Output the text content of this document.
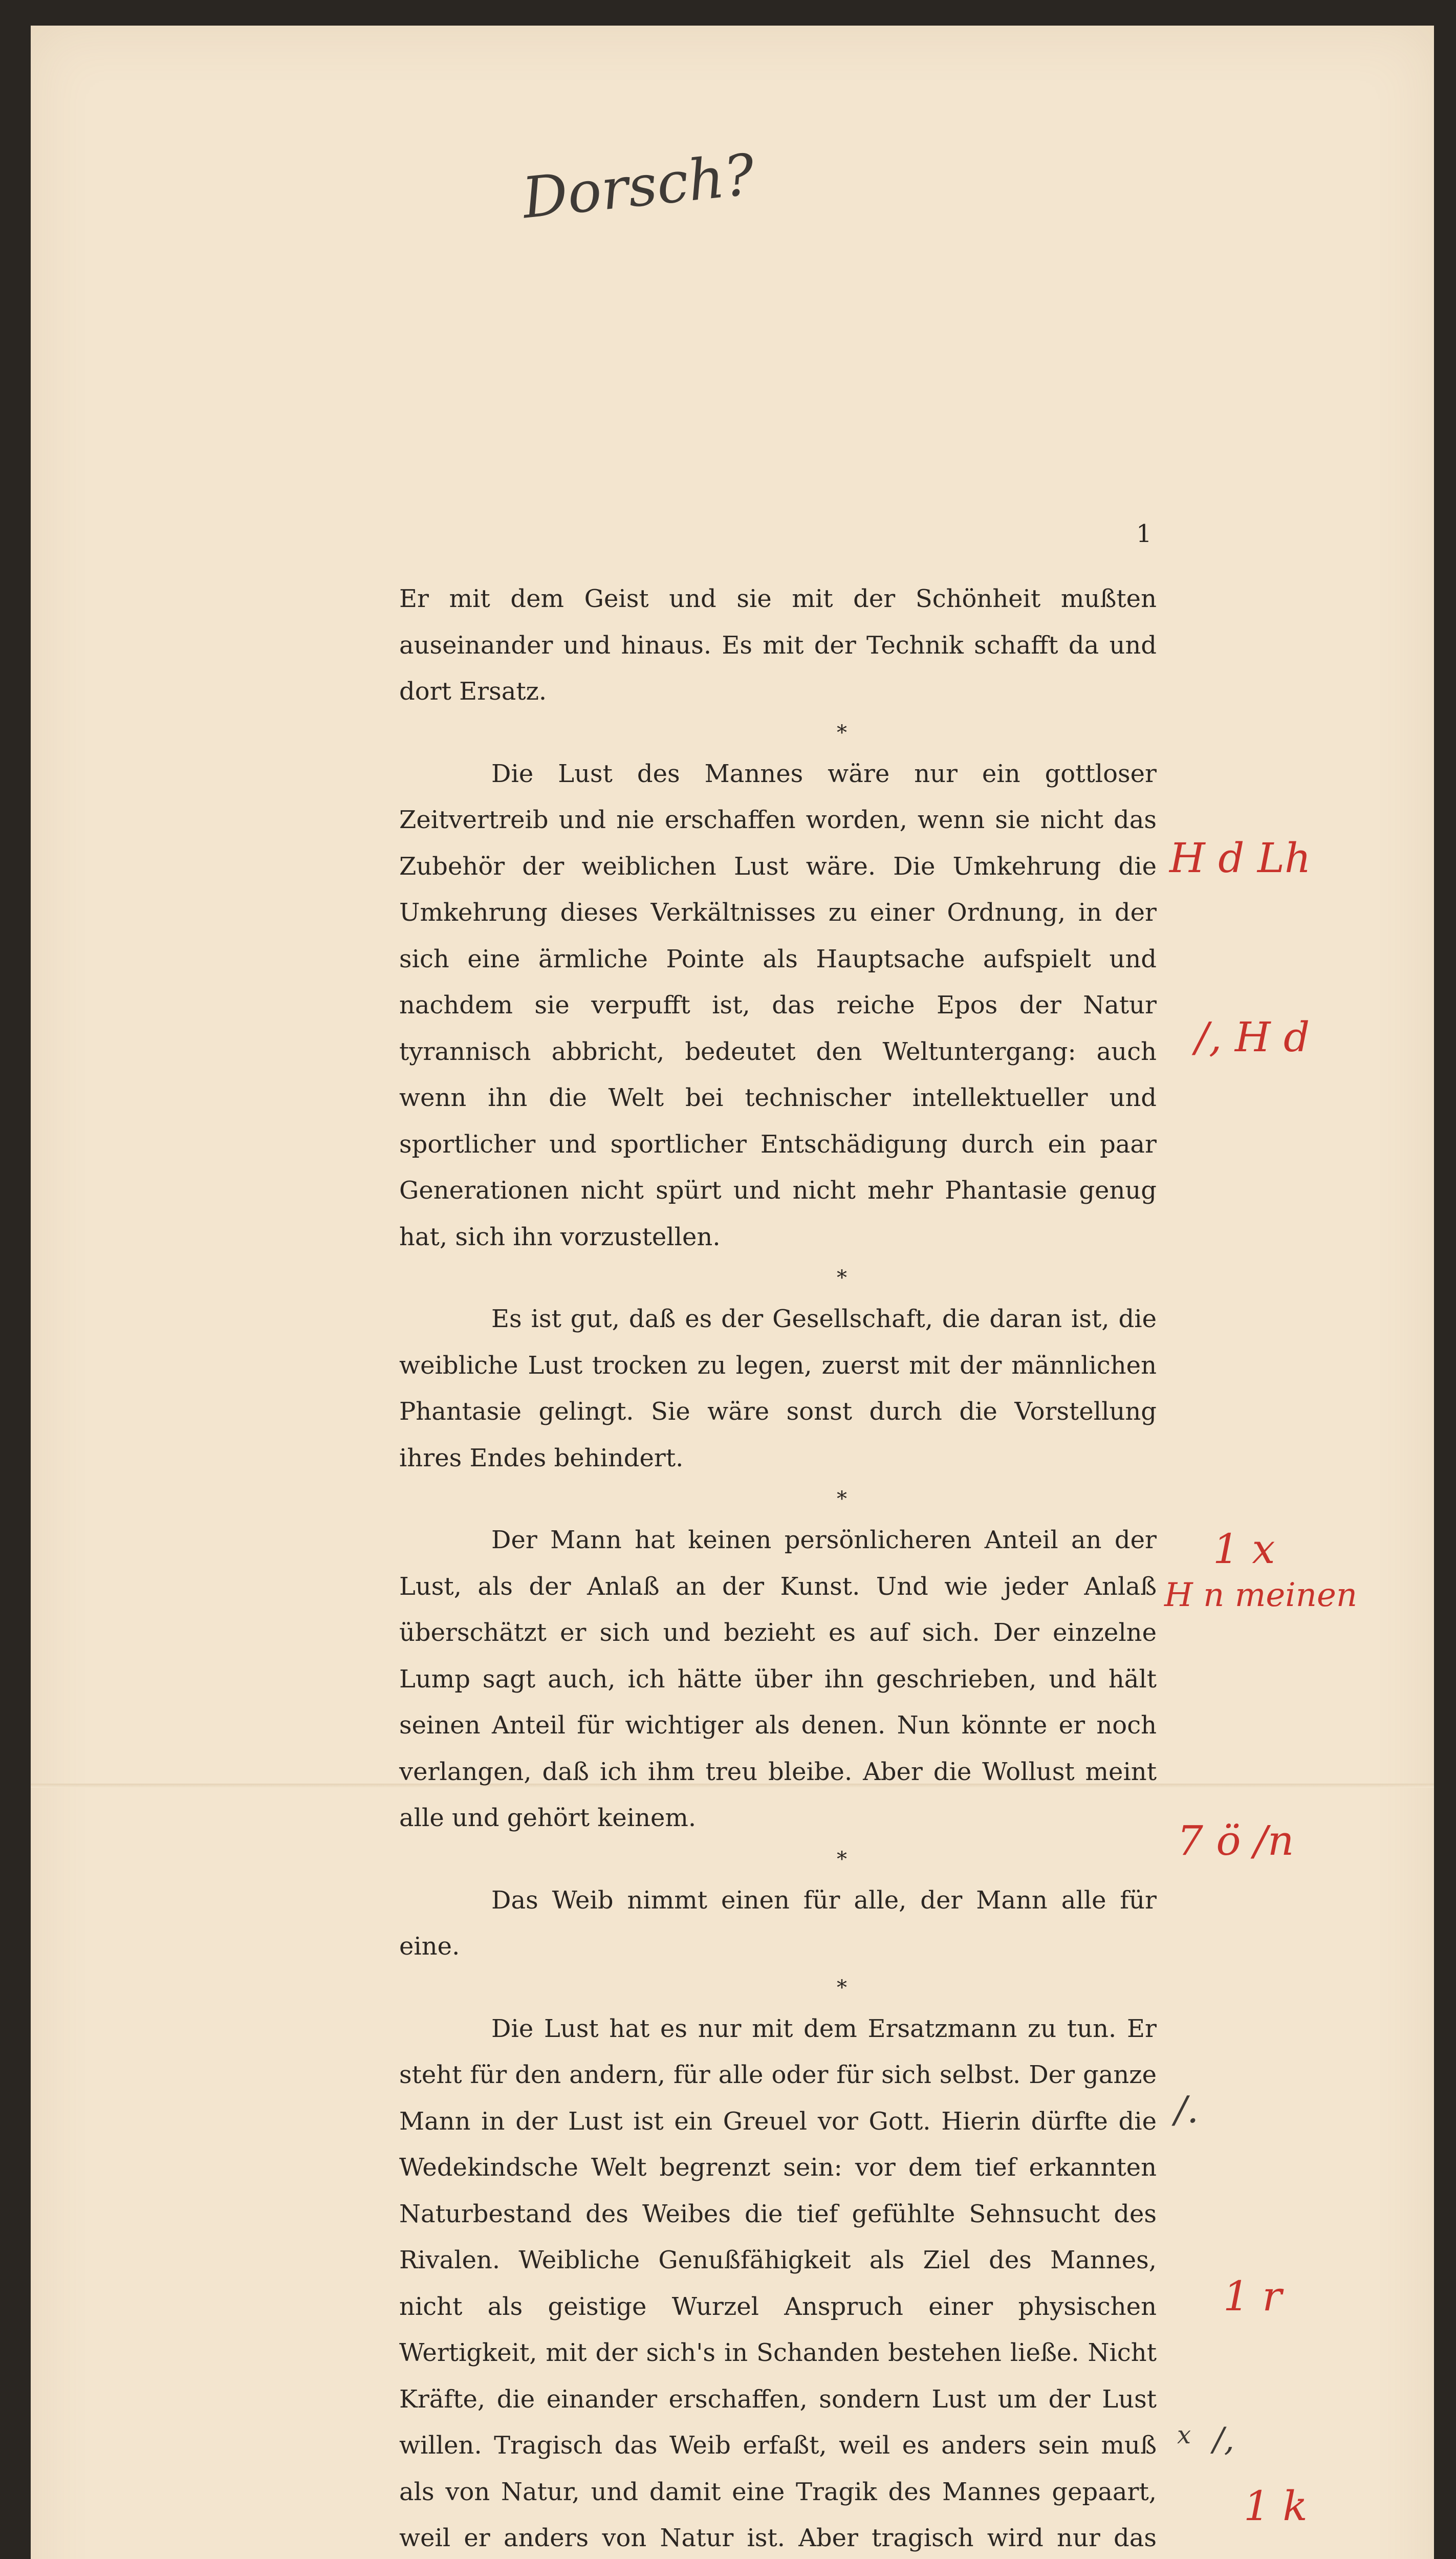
Dorsch?
1

Er mit dem Geist und sie mit der Schönheit mußten auseinander und hinaus. Es mit der Technik schafft da und dort Ersatz.

*

Die Lust des Mannes wäre nur ein gottloser Zeitvertreib und nie erschaffen worden, wenn sie nicht das Zubehör der weiblichen Lust wäre. Die Umkehrung die Umkehrung dieses Verkältnisses zu einer Ordnung, in der sich eine ärmliche Pointe als Hauptsache aufspielt und nachdem sie verpufft ist, das reiche Epos der Natur tyrannisch abbricht, bedeutet den Weltuntergang: auch wenn ihn die Welt bei technischer intellektueller und sportlicher und sportlicher Entschädigung durch ein paar Generationen nicht spürt und nicht mehr Phantasie genug hat, sich ihn vorzustellen.

*

Es ist gut, daß es der Gesellschaft, die daran ist, die weibliche Lust trocken zu legen, zuerst mit der männlichen Phantasie gelingt. Sie wäre sonst durch die Vorstellung ihres Endes behindert.

*

Der Mann hat keinen persönlicheren Anteil an der Lust, als der Anlaß an der Kunst. Und wie jeder Anlaß überschätzt er sich und bezieht es auf sich. Der einzelne Lump sagt auch, ich hätte über ihn geschrieben, und hält seinen Anteil für wichtiger als denen. Nun könnte er noch verlangen, daß ich ihm treu bleibe. Aber die Wollust meint alle und gehört keinem.

*

Das Weib nimmt einen für alle, der Mann alle für eine.

*

Die Lust hat es nur mit dem Ersatzmann zu tun. Er steht für den andern, für alle oder für sich selbst. Der ganze Mann in der Lust ist ein Greuel vor Gott. Hierin dürfte die Wedekindsche Welt begrenzt sein: vor dem tief erkannten Naturbestand des Weibes die tief gefühlte Sehnsucht des Rivalen. Weibliche Genußfähigkeit als Ziel des Mannes, nicht als geistige Wurzel Anspruch einer physischen Wertigkeit, mit der sich's in Schanden bestehen ließe. Nicht Kräfte, die einander erschaffen, sondern Lust um der Lust willen. Tragisch das Weib erfaßt, weil es anders sein muß als von Natur, und damit eine Tragik des Mannes gepaart, weil er anders von Natur ist. Aber tragisch wird nur das

H d Lh
/, H d
1 x
H n meinen
7 ö /n
/.
1 r
x /,
1 k
